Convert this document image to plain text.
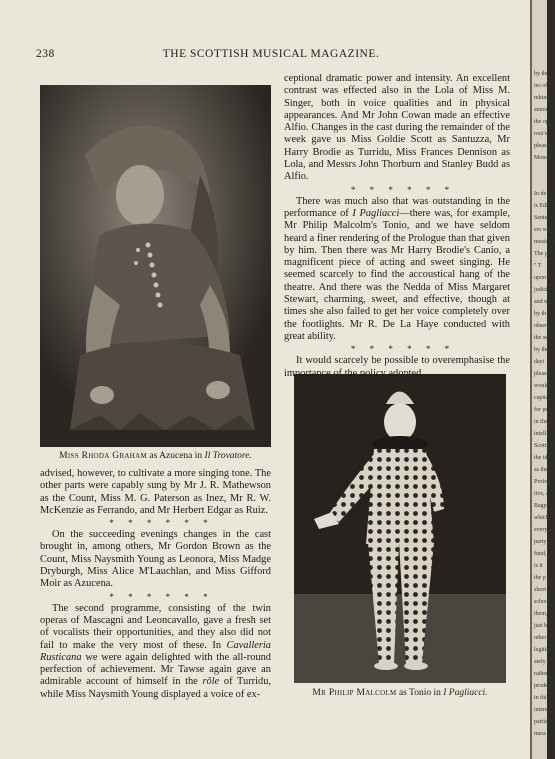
238	THE SCOTTISH MUSICAL MAGAZINE.
Miss Rhoda Graham as Azucena in Il Trovatore.
Mr Philip Malcolm as Tonio in I Pagliacci.

advised, however, to cultivate a more singing tone. The other parts were capably sung by Mr J. R. Mathewson as the Count, Miss M. G. Paterson as Inez, Mr R. W. McKenzie as Ferrando, and Mr Herbert Edgar as Ruiz.

* * * * * *

On the succeeding evenings changes in the cast brought in, among others, Mr Gordon Brown as the Count, Miss Naysmith Young as Leonora, Miss Madge Dryburgh, Miss Alice M'Lauchlan, and Miss Gifford Moir as Azucena.

* * * * * *

The second programme, consisting of the twin operas of Mascagni and Leoncavallo, gave a fresh set of vocalists their opportunities, and they also did not fail to make the very most of these. In Cavalleria Rusticana we were again delighted with the all-round perfection of achievement. Mr Tawse again gave an admirable account of himself in the rôle of Turridu, while Miss Naysmith Young displayed a voice of ex-

ceptional dramatic power and intensity. An excellent contrast was effected also in the Lola of Miss M. Singer, both in voice qualities and in physical appearances. And Mr John Cowan made an effective Alfio. Changes in the cast during the remainder of the week gave us Miss Goldie Scott as Santuzza, Mr Harry Brodie as Turridu, Miss Frances Dennison as Lola, and Messrs John Thorburn and Stanley Budd as Alfio.

* * * * * *

There was much also that was outstanding in the performance of I Pagliacci—there was, for example, Mr Philip Malcolm's Tonio, and we have seldom heard a finer rendering of the Prologue than that given by him. Then there was Mr Harry Brodie's Canio, a magnificent piece of acting and sweet singing. He seemed scarcely to find the accoustical hang of the theatre. And there was the Nedda of Miss Margaret Stewart, charming, sweet, and effective, though at times she also failed to get her voice completely over the footlights. Mr R. De La Haye conducted with great ability.

* * * * * *

It would scarcely be possible to overemphasise the importance of the policy adopted

by the
ies of
mbine
annou
the opp
rooi's
pleasan
Monart
In de
is Edir
Sente w
ers wi
music re
The pap
" T
upon
judici
and m
by th
observ
the sel
by the
dayt
pleasar
would
capita
for pr
in the
intelli
Scotti
the ide
as the
Profes
tive, a
Bagp
which
every
party
fund,
is it
the p
short
school
them,
just b
other
legitim
ately
rather
prodeo
in thi
intere
partial
mess
